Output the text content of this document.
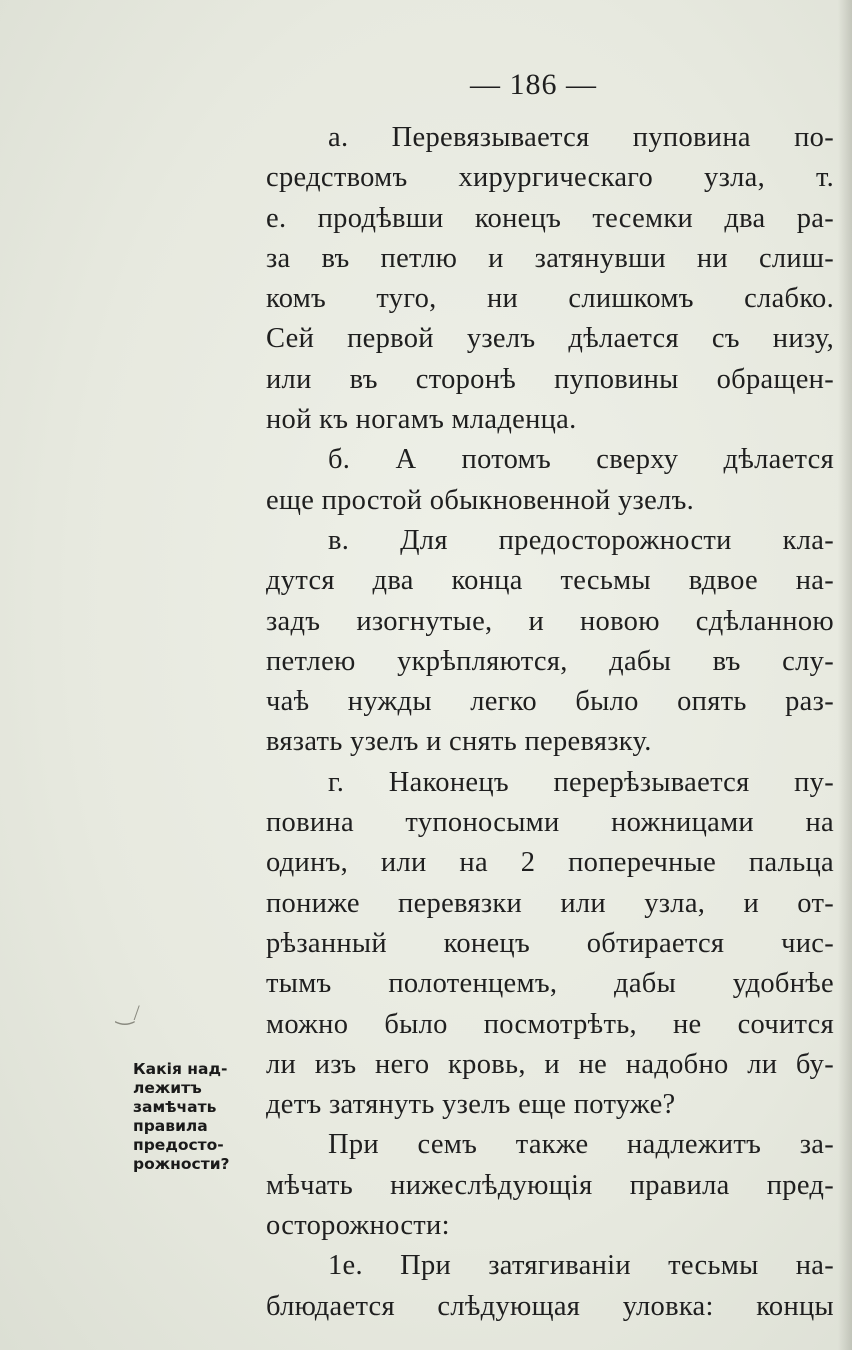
— 186 —
а. Перевязывается пуповина по-
средствомъ хирургическаго узла, т.
е. продѣвши конецъ тесемки два ра-
за въ петлю и затянувши ни слиш-
комъ туго, ни слишкомъ слабко.
Сей первой узелъ дѣлается съ низу,
или въ сторонѣ пуповины обращен-
ной къ ногамъ младенца.
б. А потомъ сверху дѣлается
еще простой обыкновенной узелъ.
в. Для предосторожности кла-
дутся два конца тесьмы вдвое на-
задъ изогнутые, и новою сдѣланною
петлею укрѣпляются, дабы въ слу-
чаѣ нужды легко было опять раз-
вязать узелъ и снять перевязку.
г. Наконецъ перерѣзывается пу-
повина тупоносыми ножницами на
одинъ, или на 2 поперечные пальца
пониже перевязки или узла, и от-
рѣзанный конецъ обтирается чис-
тымъ полотенцемъ, дабы удобнѣе
можно было посмотрѣть, не сочится
ли изъ него кровь, и не надобно ли бу-
детъ затянуть узелъ еще потуже?
При семъ также надлежитъ за-
мѣчать нижеслѣдующія правила пред-
осторожности:
1е. При затягиваніи тесьмы на-
блюдается слѣдующая уловка: концы
Какія над-
лежитъ
замѣчать
правила
предосто-
рожности?
‿/
